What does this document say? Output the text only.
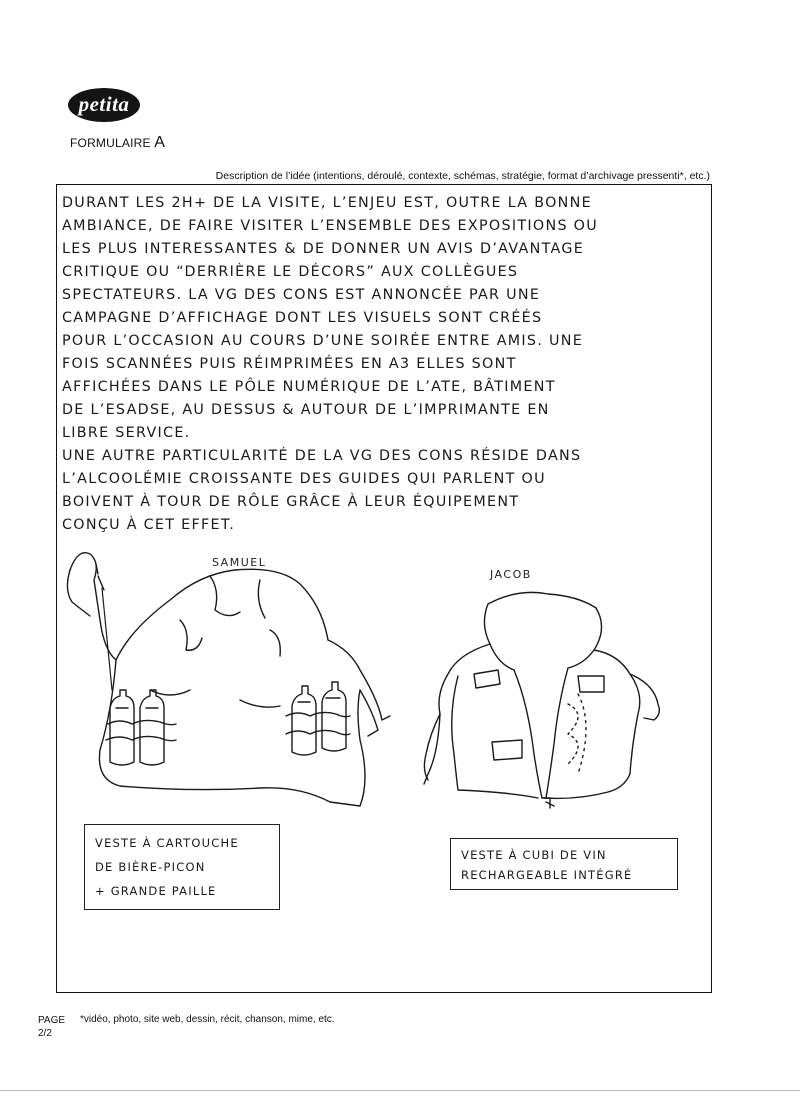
petita
FORMULAIRE A
Description de l’idée (intentions, déroulé, contexte, schémas, stratégie, format d’archivage pressenti*, etc.)
DURANT LES 2H+ DE LA VISITE, L’ENJEU EST, OUTRE LA BONNE
AMBIANCE, DE FAIRE VISITER L’ENSEMBLE DES EXPOSITIONS OU
LES PLUS INTERESSANTES & DE DONNER UN AVIS D’AVANTAGE
CRITIQUE OU “DERRIÈRE LE DÉCORS” AUX COLLÈGUES
SPECTATEURS. LA VG DES CONS EST ANNONCÉE PAR UNE
CAMPAGNE D’AFFICHAGE DONT LES VISUELS SONT CRÉÉS
POUR L’OCCASION AU COURS D’UNE SOIRÉE ENTRE AMIS. UNE
FOIS SCANNÉES PUIS RÉIMPRIMÉES EN A3 ELLES SONT
AFFICHÉES DANS LE PÔLE NUMÉRIQUE DE L’ATE, BÂTIMENT
DE L’ESADSE, AU DESSUS & AUTOUR DE L’IMPRIMANTE EN
LIBRE SERVICE.
UNE AUTRE PARTICULARITÉ DE LA VG DES CONS RÉSIDE DANS
L’ALCOOLÉMIE CROISSANTE DES GUIDES QUI PARLENT OU
BOIVENT À TOUR DE RÔLE GRÂCE À LEUR ÉQUIPEMENT
CONÇU À CET EFFET.
SAMUEL
JACOB
VESTE À CARTOUCHE
DE BIÈRE-PICON
+ GRANDE PAILLE
VESTE À CUBI DE VIN
RECHARGEABLE INTÉGRÉ
PAGE
2/2
*vidéo, photo, site web, dessin, récit, chanson, mime, etc.
